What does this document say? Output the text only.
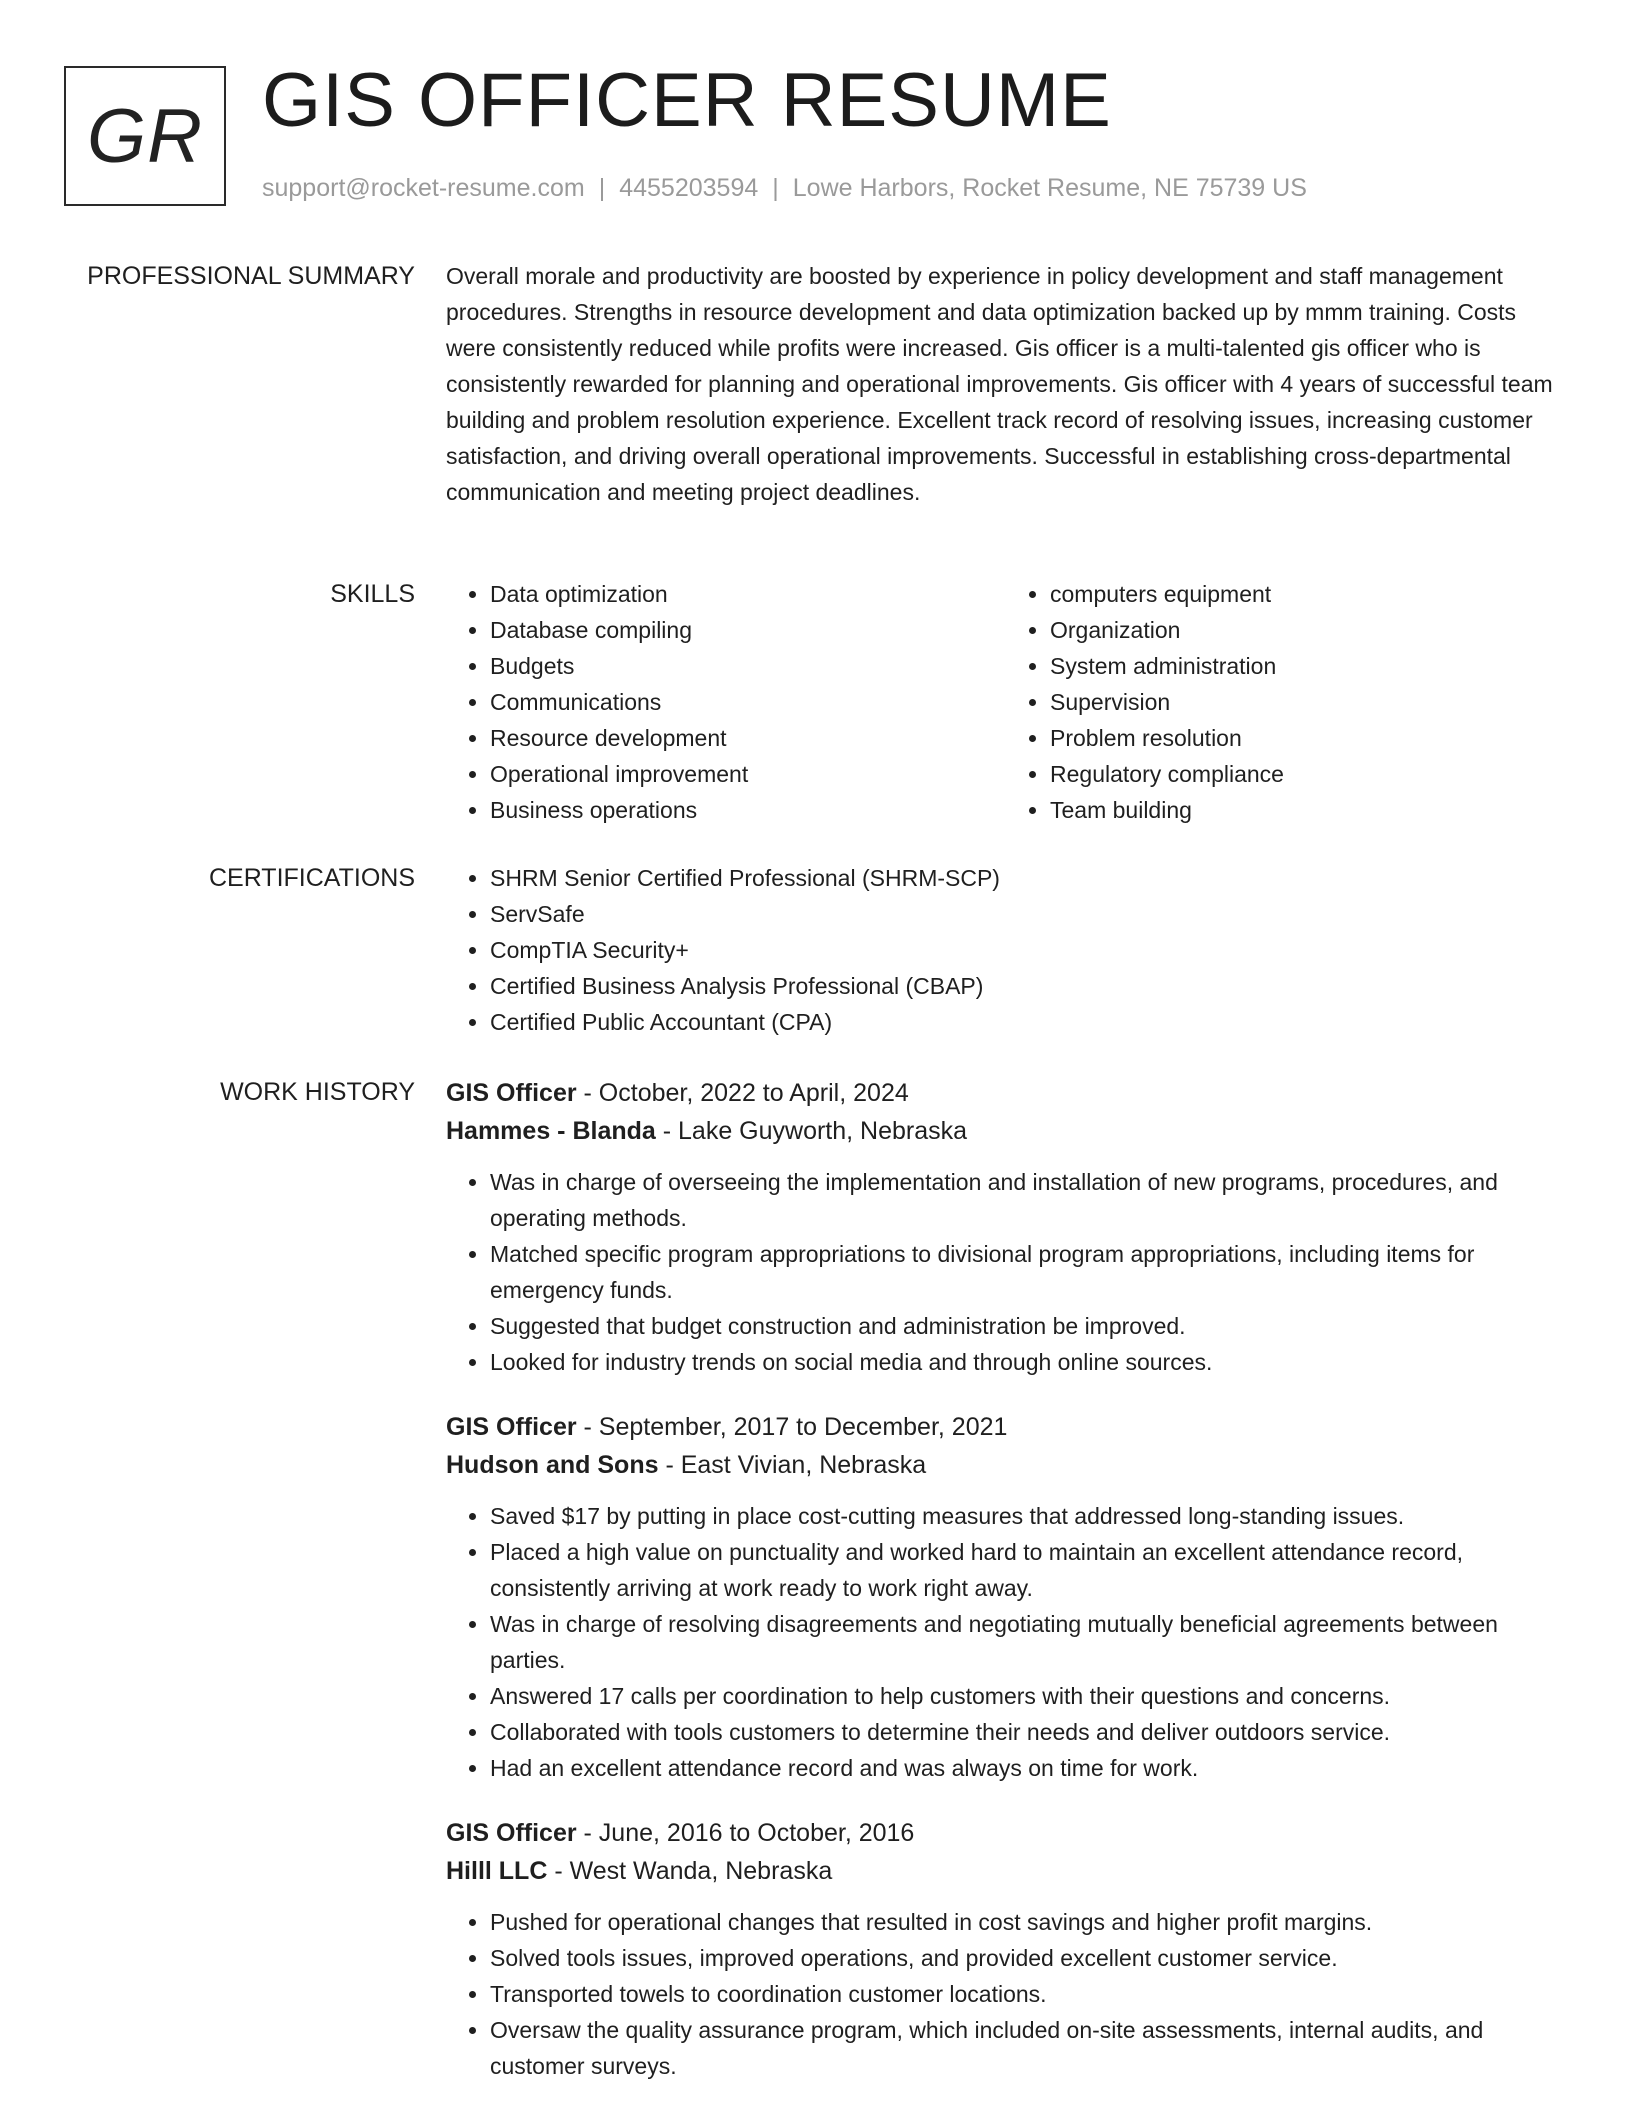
GR GIS OFFICER RESUME
support@rocket-resume.com | 4455203594 | Lowe Harbors, Rocket Resume, NE 75739 US
PROFESSIONAL SUMMARY Overall morale and productivity are boosted by experience in policy development and staff management procedures. Strengths in resource development and data optimization backed up by mmm training. Costs were consistently reduced while profits were increased. Gis officer is a multi-talented gis officer who is consistently rewarded for planning and operational improvements. Gis officer with 4 years of successful team building and problem resolution experience. Excellent track record of resolving issues, increasing customer satisfaction, and driving overall operational improvements. Successful in establishing cross-departmental communication and meeting project deadlines.
SKILLS	• Data optimization
• Database compiling
• Budgets
• Communications
• Resource development
• Operational improvement
• Business operations
• computers equipment
• Organization
• System administration
• Supervision
• Problem resolution
• Regulatory compliance
• Team building
CERTIFICATIONS	• SHRM Senior Certified Professional (SHRM-SCP)
• ServSafe
• CompTIA Security+
• Certified Business Analysis Professional (CBAP)
• Certified Public Accountant (CPA)
WORK HISTORY GIS Officer - October, 2022 to April, 2024
Hammes - Blanda - Lake Guyworth, Nebraska
• Was in charge of overseeing the implementation and installation of new programs, procedures, and operating methods.
• Matched specific program appropriations to divisional program appropriations, including items for emergency funds.
• Suggested that budget construction and administration be improved.
• Looked for industry trends on social media and through online sources.
GIS Officer - September, 2017 to December, 2021
Hudson and Sons - East Vivian, Nebraska
• Saved $17 by putting in place cost-cutting measures that addressed long-standing issues.
• Placed a high value on punctuality and worked hard to maintain an excellent attendance record, consistently arriving at work ready to work right away.
• Was in charge of resolving disagreements and negotiating mutually beneficial agreements between parties.
• Answered 17 calls per coordination to help customers with their questions and concerns.
• Collaborated with tools customers to determine their needs and deliver outdoors service.
• Had an excellent attendance record and was always on time for work.
GIS Officer - June, 2016 to October, 2016
Hilll LLC - West Wanda, Nebraska
• Pushed for operational changes that resulted in cost savings and higher profit margins.
• Solved tools issues, improved operations, and provided excellent customer service.
• Transported towels to coordination customer locations.
• Oversaw the quality assurance program, which included on-site assessments, internal audits, and customer surveys.
